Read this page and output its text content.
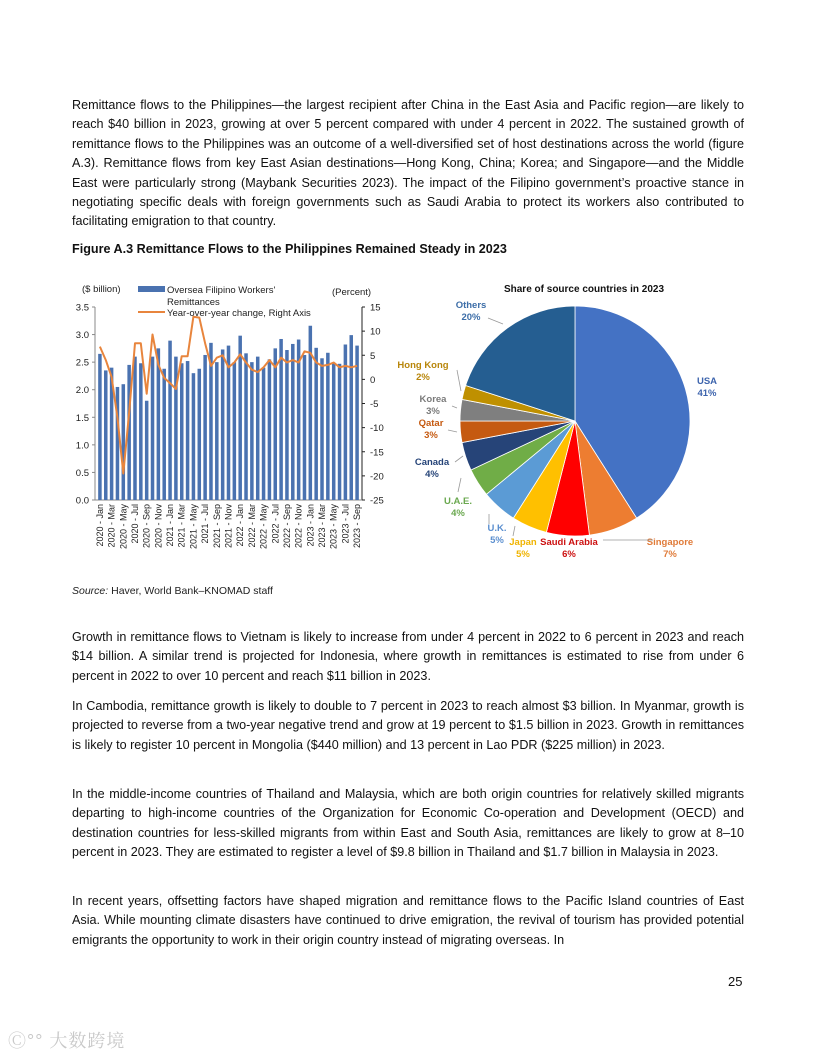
Remittance flows to the Philippines—the largest recipient after China in the East Asia and Pacific region—are likely to reach $40 billion in 2023, growing at over 5 percent compared with under 4 percent in 2022. The sustained growth of remittance flows to the Philippines was an outcome of a well-diversified set of host destinations across the world (figure A.3). Remittance flows from key East Asian destinations—Hong Kong, China; Korea; and Singapore—and the Middle East were particularly strong (Maybank Securities 2023). The impact of the Filipino government’s proactive stance in negotiating specific deals with foreign governments such as Saudi Arabia to protect its workers also contributed to facilitating emigration to that country.

Figure A.3 Remittance Flows to the Philippines Remained Steady in 2023
($ billion)	(Percent)
0.0
0.5
1.0
1.5
2.0
2.5
3.0
3.5
-25
-20
-15
-10
-5
0
5
10
15
Oversea Filipino Workers'
Remittances
Year-over-year change, Right Axis
2020 - Jan 2020 - Mar 2020 - May 2020 - Jul 2020 - Sep 2020 - Nov 2021 - Jan 2021 - Mar 2021 - May 2021 - Jul 2021 - Sep 2021 - Nov 2022 - Jan 2022 - Mar 2022 - May 2022 - Jul 2022 - Sep 2022 - Nov 2023 - Jan 2023 - Mar 2023 - May 2023 - Jul 2023 - Sep
Share of source countries in 2023
USA
41%
Singapore
7%
Saudi Arabia
6%
Japan
5%
U.K.
5%
U.A.E.
4%
Canada
4%
Qatar
3%
Korea
3%
Hong Kong
2%
Others
20%
Source: Haver, World Bank–KNOMAD staff

Growth in remittance flows to Vietnam is likely to increase from under 4 percent in 2022 to 6 percent in 2023 and reach $14 billion. A similar trend is projected for Indonesia, where growth in remittances is estimated to rise from under 6 percent in 2022 to over 10 percent and reach $11 billion in 2023.

In Cambodia, remittance growth is likely to double to 7 percent in 2023 to reach almost $3 billion. In Myanmar, growth is projected to reverse from a two-year negative trend and grow at 19 percent to $1.5 billion in 2023. Growth in remittances is likely to register 10 percent in Mongolia ($440 million) and 13 percent in Lao PDR ($225 million) in 2023.

In the middle-income countries of Thailand and Malaysia, which are both origin countries for relatively skilled migrants departing to high-income countries of the Organization for Economic Co-operation and Development (OECD) and destination countries for less-skilled migrants from within East and South Asia, remittances are likely to grow at 8–10 percent in 2023. They are estimated to register a level of $9.8 billion in Thailand and $1.7 billion in Malaysia in 2023.

In recent years, offsetting factors have shaped migration and remittance flows to the Pacific Island countries of East Asia. While mounting climate disasters have continued to drive emigration, the revival of tourism has provided potential emigrants the opportunity to work in their origin country instead of migrating overseas. In

25
Ⓒ°° 大数跨境
